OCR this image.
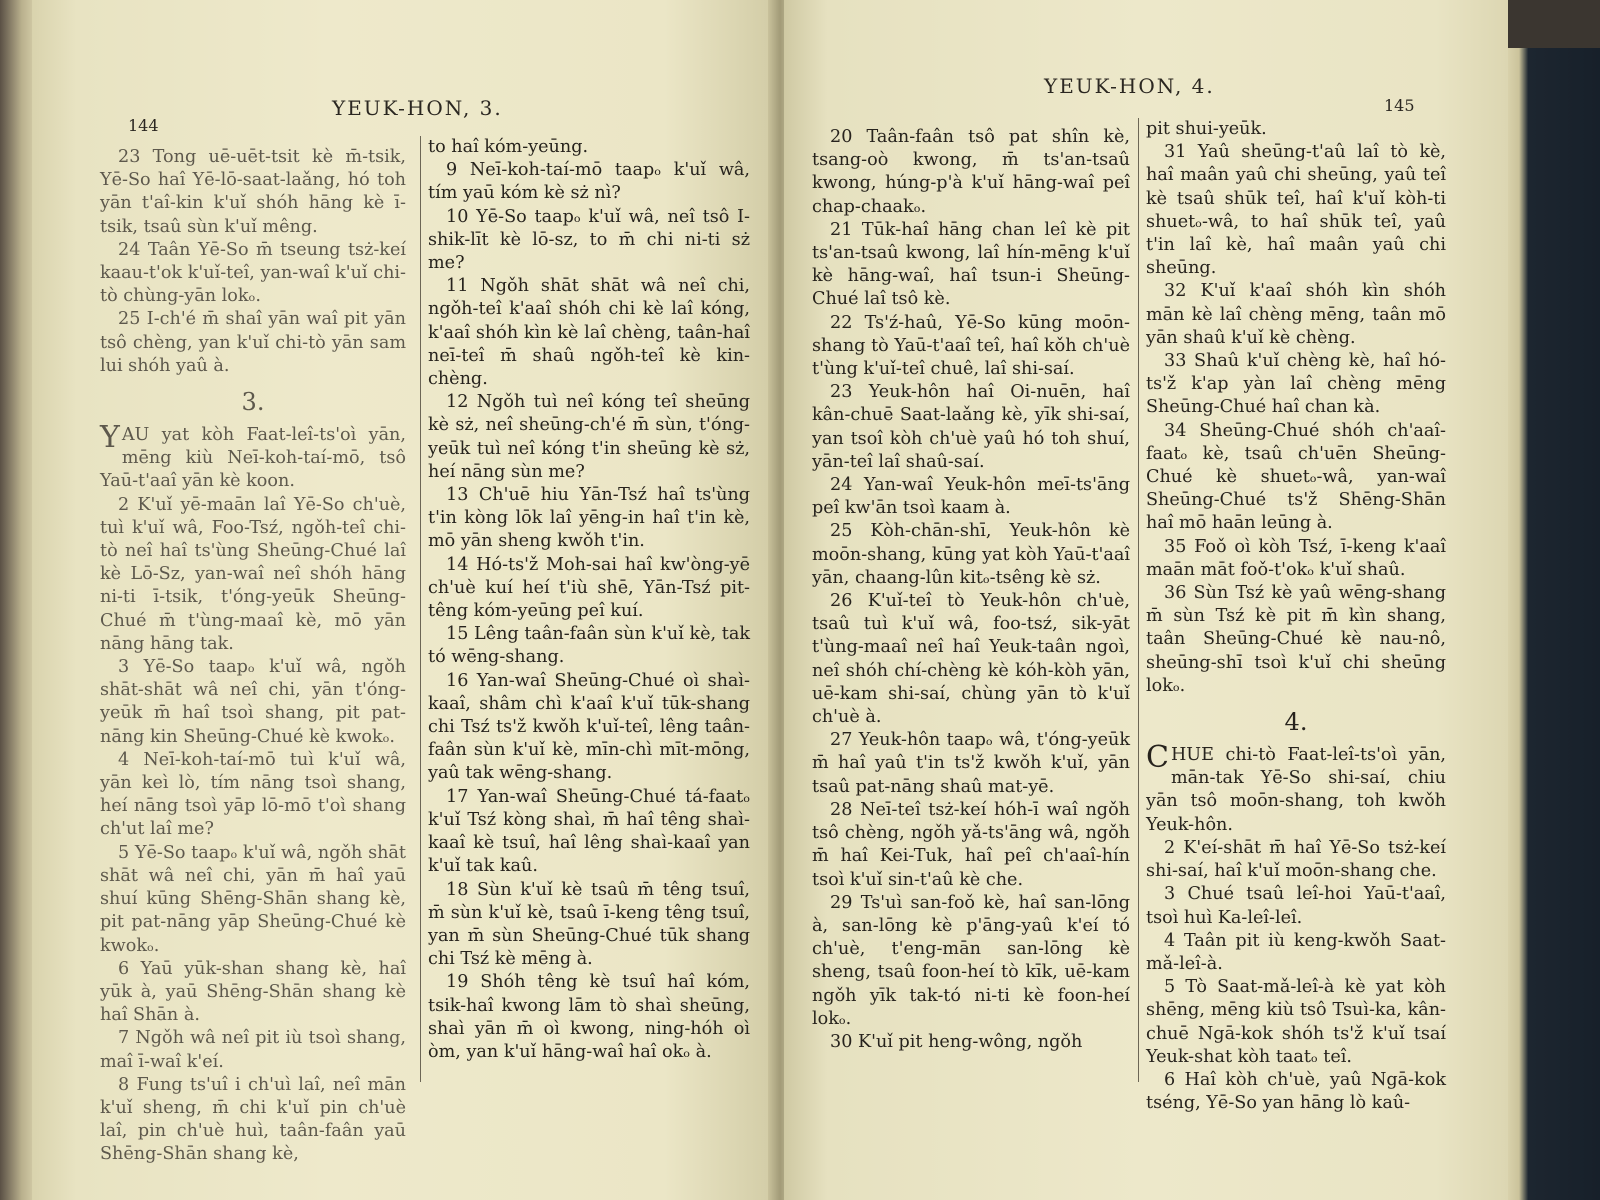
144
YEUK-HON, 3.

23 Tong uē-uēt-tsit kè m̄-tsik, Yē-So haî Yē-lō-saat-laǎng, hó toh yān t'aî-kin k'uǐ shóh hāng kè ī-tsik, tsaû sùn k'uǐ mêng.

24 Taân Yē-So m̄ tseung tsż-keí kaau-t'ok k'uǐ-teî, yan-waî k'uǐ chi-tò chùng-yān lokₒ.

25 I-ch'é m̄ shaî yān waî pit yān tsô chèng, yan k'uǐ chi-tò yān sam lui shóh yaû à.

3.

YAU yat kòh Faat-leî-ts'oì yān, mēng kiù Neī-koh-taí-mō, tsô Yaū-t'aaî yān kè koon.

2 K'uǐ yē-maān laî Yē-So ch'uè, tuì k'uǐ wâ, Foo-Tsź, ngǒh-teî chi-tò neî haî ts'ùng Sheūng-Chué laî kè Lō-Sz, yan-waî neî shóh hāng ni-ti ī-tsik, t'óng-yeūk Sheūng-Chué m̄ t'ùng-maaî kè, mō yān nāng hāng tak.

3 Yē-So taapₒ k'uǐ wâ, ngǒh shāt-shāt wâ neî chi, yān t'óng-yeūk m̄ haî tsoì shang, pit pat-nāng kin Sheūng-Chué kè kwokₒ.

4 Neī-koh-taí-mō tuì k'uǐ wâ, yān keì lò, tím nāng tsoì shang, heí nāng tsoì yāp lō-mō t'oì shang ch'ut laî me?

5 Yē-So taapₒ k'uǐ wâ, ngǒh shāt shāt wâ neî chi, yān m̄ haî yaū shuí kūng Shēng-Shān shang kè, pit pat-nāng yāp Sheūng-Chué kè kwokₒ.

6 Yaū yūk-shan shang kè, haî yūk à, yaū Shēng-Shān shang kè haî Shān à.

7 Ngǒh wâ neî pit iù tsoì shang, maî ī-waî k'eí.

8 Fung ts'uî i ch'uì laî, neî mān k'uǐ sheng, m̄ chi k'uǐ pin ch'uè laî, pin ch'uè huì, taân-faân yaū Shēng-Shān shang kè,

to haî kóm-yeūng.

9 Neī-koh-taí-mō taapₒ k'uǐ wâ, tím yaū kóm kè sż nì?

10 Yē-So taapₒ k'uǐ wâ, neî tsô I-shik-līt kè lō-sz, to m̄ chi ni-ti sż me?

11 Ngǒh shāt shāt wâ neî chi, ngǒh-teî k'aaî shóh chi kè laî kóng, k'aaî shóh kìn kè laî chèng, taân-haî neī-teî m̄ shaû ngǒh-teî kè kin-chèng.

12 Ngǒh tuì neî kóng teî sheūng kè sż, neî sheūng-ch'é m̄ sùn, t'óng-yeūk tuì neî kóng t'in sheūng kè sż, heí nāng sùn me?

13 Ch'uē hiu Yān-Tsź haî ts'ùng t'in kòng lōk laî yēng-in haî t'in kè, mō yān sheng kwǒh t'in.

14 Hó-ts'ž Moh-sai haî kw'òng-yē ch'uè kuí heí t'iù shē, Yān-Tsź pit-têng kóm-yeūng peî kuí.

15 Lêng taân-faân sùn k'uǐ kè, tak tó wēng-shang.

16 Yan-waî Sheūng-Chué oì shaì-kaaî, shâm chì k'aaî k'uǐ tūk-shang chi Tsź ts'ž kwǒh k'uǐ-teî, lêng taân-faân sùn k'uǐ kè, mīn-chì mīt-mōng, yaû tak wēng-shang.

17 Yan-waî Sheūng-Chué tá-faatₒ k'uǐ Tsź kòng shaì, m̄ haî têng shaì-kaaî kè tsuî, haî lêng shaì-kaaî yan k'uǐ tak kaû.

18 Sùn k'uǐ kè tsaû m̄ têng tsuî, m̄ sùn k'uǐ kè, tsaû ī-keng têng tsuî, yan m̄ sùn Sheūng-Chué tūk shang chi Tsź kè mēng à.

19 Shóh têng kè tsuî haî kóm, tsik-haî kwong lām tò shaì sheūng, shaì yān m̄ oì kwong, ning-hóh oì òm, yan k'uǐ hāng-waî haî okₒ à.

YEUK-HON, 4.
145

20 Taân-faân tsô pat shîn kè, tsang-oò kwong, m̄ ts'an-tsaû kwong, húng-p'à k'uǐ hāng-waî peî chap-chaakₒ.

21 Tūk-haî hāng chan leî kè pit ts'an-tsaû kwong, laî hín-mēng k'uǐ kè hāng-waî, haî tsun-i Sheūng-Chué laî tsô kè.

22 Ts'ź-haû, Yē-So kūng moōn-shang tò Yaū-t'aaî teî, haî kǒh ch'uè t'ùng k'uǐ-teî chuê, laî shi-saí.

23 Yeuk-hôn haî Oi-nuēn, haî kân-chuē Saat-laǎng kè, yīk shi-saí, yan tsoî kòh ch'uè yaû hó toh shuí, yān-teî laî shaû-saí.

24 Yan-waî Yeuk-hôn meī-ts'āng peî kw'ān tsoì kaam à.

25 Kòh-chān-shī, Yeuk-hôn kè moōn-shang, kūng yat kòh Yaū-t'aaî yān, chaang-lûn kitₒ-tsêng kè sż.

26 K'uǐ-teî tò Yeuk-hôn ch'uè, tsaû tuì k'uǐ wâ, foo-tsź, sik-yāt t'ùng-maaî neî haî Yeuk-taân ngoì, neî shóh chí-chèng kè kóh-kòh yān, uē-kam shi-saí, chùng yān tò k'uǐ ch'uè à.

27 Yeuk-hôn taapₒ wâ, t'óng-yeūk m̄ haî yaû t'in ts'ž kwǒh k'uǐ, yān tsaû pat-nāng shaû mat-yē.

28 Neī-teî tsż-keí hóh-ī waî ngǒh tsô chèng, ngǒh yǎ-ts'āng wâ, ngǒh m̄ haî Kei-Tuk, haî peî ch'aaî-hín tsoì k'uǐ sin-t'aû kè che.

29 Ts'uì san-foǒ kè, haî san-lōng à, san-lōng kè p'āng-yaû k'eí tó ch'uè, t'eng-mān san-lōng kè sheng, tsaû foon-heí tò kīk, uē-kam ngǒh yīk tak-tó ni-ti kè foon-heí lokₒ.

30 K'uǐ pit heng-wông, ngǒh

pit shui-yeūk.

31 Yaû sheūng-t'aû laî tò kè, haî maân yaû chi sheūng, yaû teî kè tsaû shūk teî, haî k'uǐ kòh-ti shuetₒ-wâ, to haî shūk teî, yaû t'in laî kè, haî maân yaû chi sheūng.

32 K'uǐ k'aaî shóh kìn shóh mān kè laî chèng mēng, taân mō yān shaû k'uǐ kè chèng.

33 Shaû k'uǐ chèng kè, haî hó-ts'ž k'ap yàn laî chèng mēng Sheūng-Chué haî chan kà.

34 Sheūng-Chué shóh ch'aaî-faatₒ kè, tsaû ch'uēn Sheūng-Chué kè shuetₒ-wâ, yan-waî Sheūng-Chué ts'ž Shēng-Shān haî mō haān leūng à.

35 Foǒ oì kòh Tsź, ī-keng k'aaî maān māt foǒ-t'okₒ k'uǐ shaû.

36 Sùn Tsź kè yaû wēng-shang m̄ sùn Tsź kè pit m̄ kìn shang, taân Sheūng-Chué kè nau-nô, sheūng-shī tsoì k'uǐ chi sheūng lokₒ.

4.

CHUE chi-tò Faat-leî-ts'oì yān, mān-tak Yē-So shi-saí, chiu yān tsô moōn-shang, toh kwǒh Yeuk-hôn.

2 K'eí-shāt m̄ haî Yē-So tsż-keí shi-saí, haî k'uǐ moōn-shang che.

3 Chué tsaû leî-hoi Yaū-t'aaî, tsoì huì Ka-leî-leî.

4 Taân pit iù keng-kwǒh Saat-mǎ-leî-à.

5 Tò Saat-mǎ-leî-à kè yat kòh shēng, mēng kiù tsô Tsuì-ka, kân-chuē Ngā-kok shóh ts'ž k'uǐ tsaí Yeuk-shat kòh taatₒ teî.

6 Haî kòh ch'uè, yaû Ngā-kok tséng, Yē-So yan hāng lò kaû-
